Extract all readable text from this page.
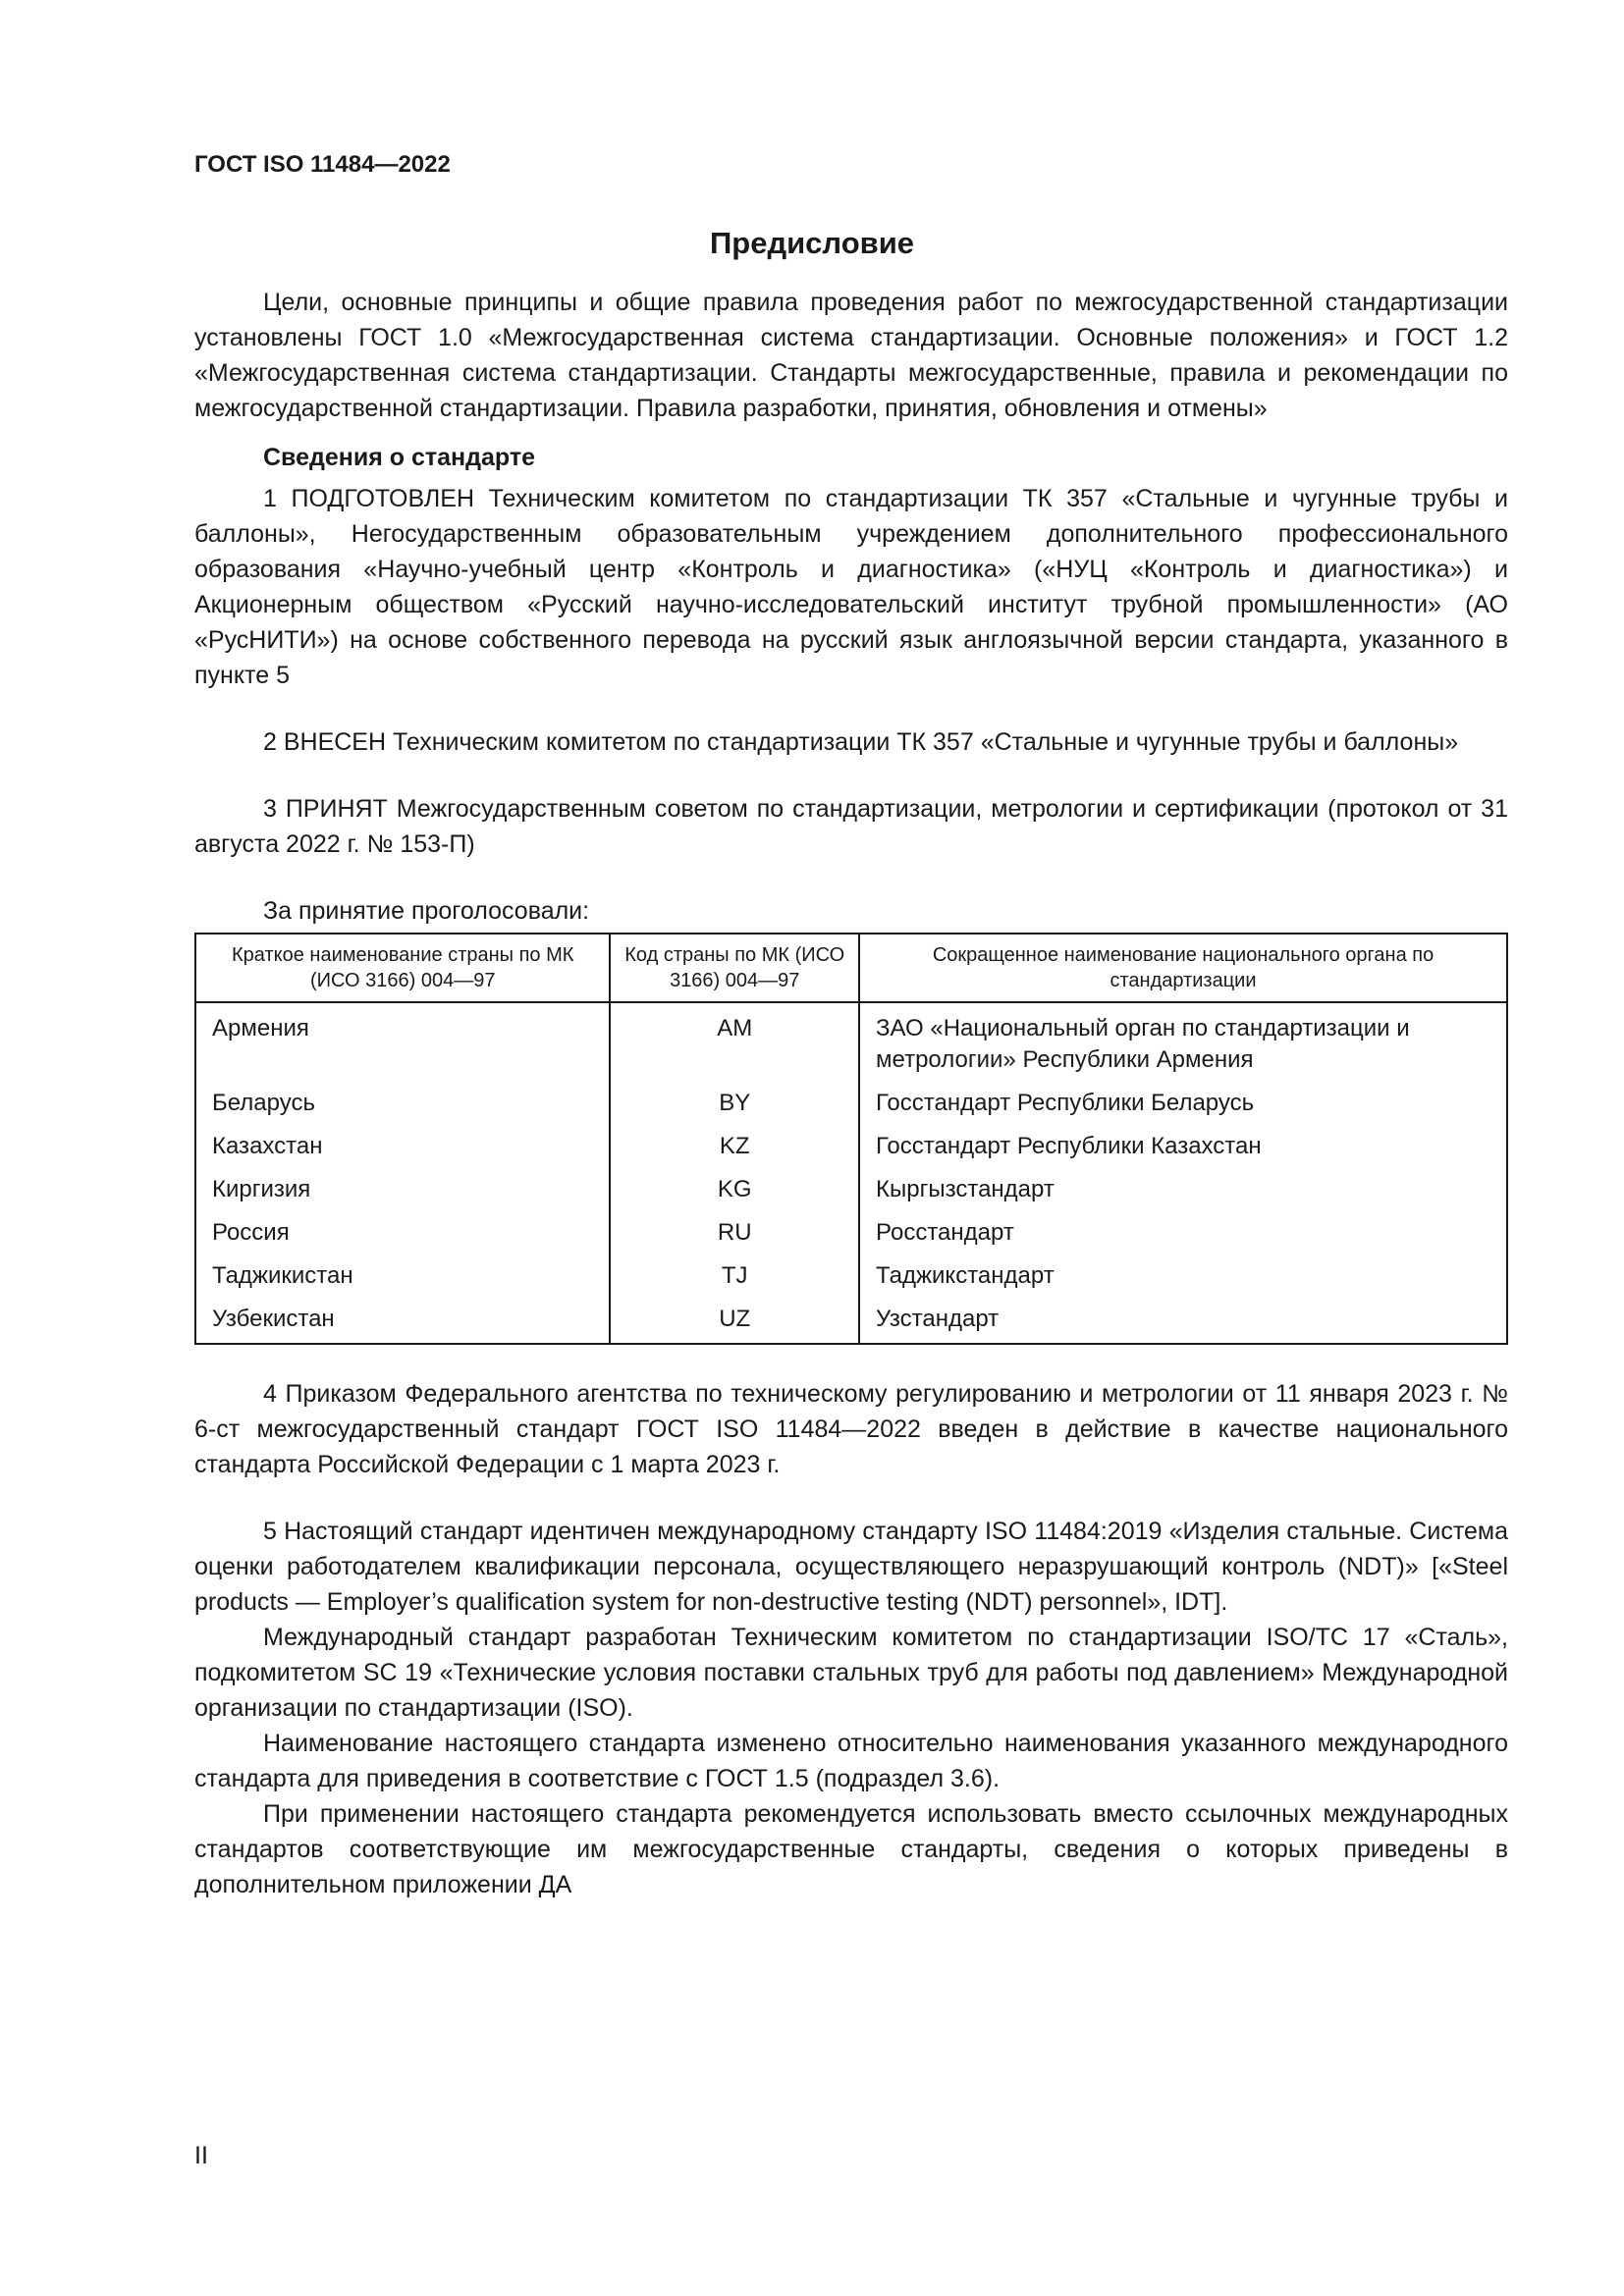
ГОСТ ISO 11484—2022
Предисловие

Цели, основные принципы и общие правила проведения работ по межгосударственной стандартизации установлены ГОСТ 1.0 «Межгосударственная система стандартизации. Основные положения» и ГОСТ 1.2 «Межгосударственная система стандартизации. Стандарты межгосударственные, правила и рекомендации по межгосударственной стандартизации. Правила разработки, принятия, обновления и отмены»

Сведения о стандарте

1 ПОДГОТОВЛЕН Техническим комитетом по стандартизации ТК 357 «Стальные и чугунные трубы и баллоны», Негосударственным образовательным учреждением дополнительного профессионального образования «Научно-учебный центр «Контроль и диагностика» («НУЦ «Контроль и диагностика») и Акционерным обществом «Русский научно-исследовательский институт трубной промышленности» (АО «РусНИТИ») на основе собственного перевода на русский язык англоязычной версии стандарта, указанного в пункте 5

2 ВНЕСЕН Техническим комитетом по стандартизации ТК 357 «Стальные и чугунные трубы и баллоны»

3 ПРИНЯТ Межгосударственным советом по стандартизации, метрологии и сертификации (протокол от 31 августа 2022 г. № 153-П)

За принятие проголосовали:
Краткое наименование страны по МК (ИСО 3166) 004—97	Код страны по МК (ИСО 3166) 004—97	Сокращенное наименование национального органа по стандартизации
Армения	AM	ЗАО «Национальный орган по стандартизации и метрологии» Республики Армения
Беларусь	BY	Госстандарт Республики Беларусь
Казахстан	KZ	Госстандарт Республики Казахстан
Киргизия	KG	Кыргызстандарт
Россия	RU	Росстандарт
Таджикистан	TJ	Таджикстандарт
Узбекистан	UZ	Узстандарт

4 Приказом Федерального агентства по техническому регулированию и метрологии от 11 января 2023 г. № 6-ст межгосударственный стандарт ГОСТ ISO 11484—2022 введен в действие в качестве национального стандарта Российской Федерации с 1 марта 2023 г.

5 Настоящий стандарт идентичен международному стандарту ISO 11484:2019 «Изделия стальные. Система оценки работодателем квалификации персонала, осуществляющего неразрушающий контроль (NDT)» [«Steel products — Employer’s qualification system for non-destructive testing (NDT) personnel», IDT].

Международный стандарт разработан Техническим комитетом по стандартизации ISO/TC 17 «Сталь», подкомитетом SC 19 «Технические условия поставки стальных труб для работы под давлением» Международной организации по стандартизации (ISO).

Наименование настоящего стандарта изменено относительно наименования указанного международного стандарта для приведения в соответствие с ГОСТ 1.5 (подраздел 3.6).

При применении настоящего стандарта рекомендуется использовать вместо ссылочных международных стандартов соответствующие им межгосударственные стандарты, сведения о которых приведены в дополнительном приложении ДА

II
